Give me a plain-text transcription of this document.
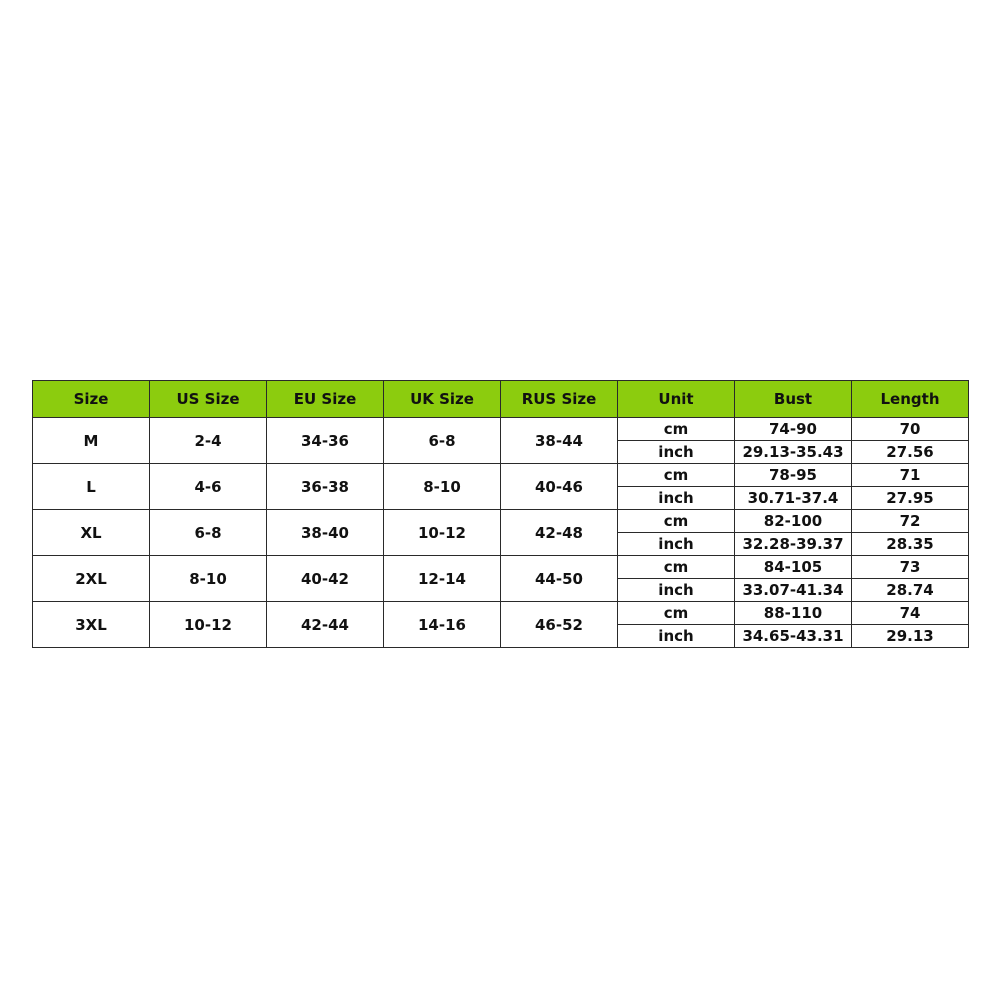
Size	US Size	EU Size	UK Size	RUS Size	Unit	Bust	Length
M	2-4	34-36	6-8	38-44	cm	74-90	70
					inch	29.13-35.43	27.56
L	4-6	36-38	8-10	40-46	cm	78-95	71
					inch	30.71-37.4	27.95
XL	6-8	38-40	10-12	42-48	cm	82-100	72
					inch	32.28-39.37	28.35
2XL	8-10	40-42	12-14	44-50	cm	84-105	73
					inch	33.07-41.34	28.74
3XL	10-12	42-44	14-16	46-52	cm	88-110	74
					inch	34.65-43.31	29.13
